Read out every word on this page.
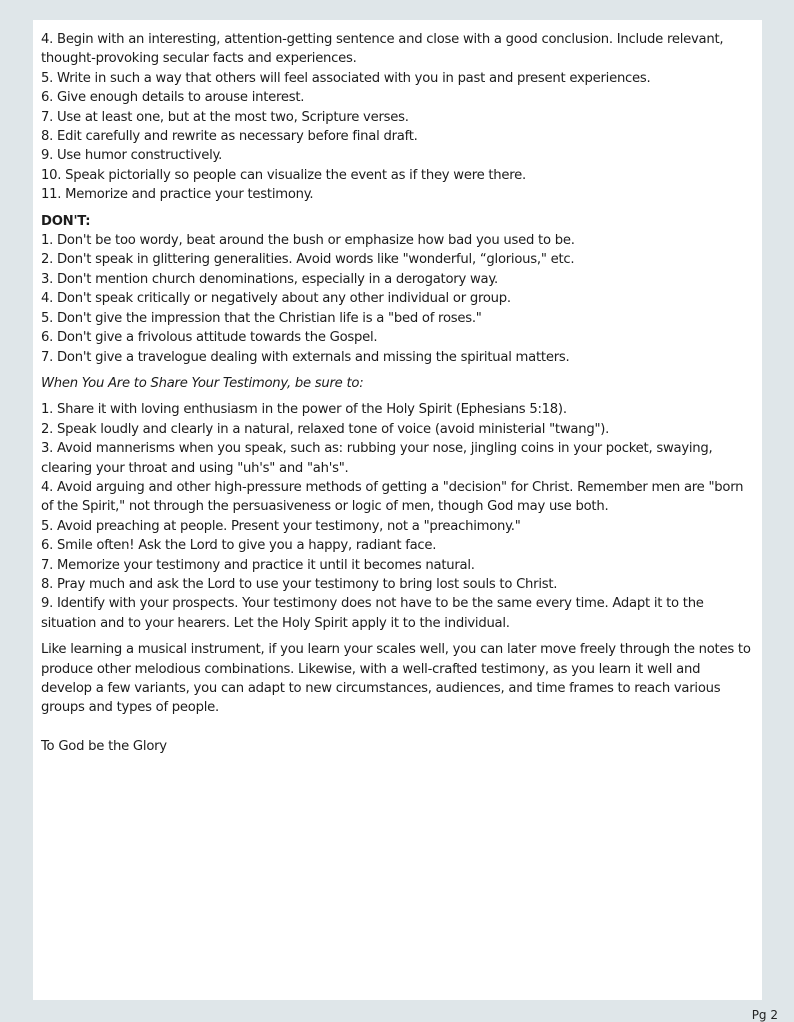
4. Begin with an interesting, attention-getting sentence and close with a good conclusion. Include relevant, thought-provoking secular facts and experiences.

5. Write in such a way that others will feel associated with you in past and present experiences.

6. Give enough details to arouse interest.

7. Use at least one, but at the most two, Scripture verses.

8. Edit carefully and rewrite as necessary before final draft.

9. Use humor constructively.

10. Speak pictorially so people can visualize the event as if they were there.

11. Memorize and practice your testimony.

DON'T:

1. Don't be too wordy, beat around the bush or emphasize how bad you used to be.

2. Don't speak in glittering generalities. Avoid words like "wonderful, “glorious," etc.

3. Don't mention church denominations, especially in a derogatory way.

4. Don't speak critically or negatively about any other individual or group.

5. Don't give the impression that the Christian life is a "bed of roses."

6. Don't give a frivolous attitude towards the Gospel.

7. Don't give a travelogue dealing with externals and missing the spiritual matters.

When You Are to Share Your Testimony, be sure to:

1. Share it with loving enthusiasm in the power of the Holy Spirit (Ephesians 5:18).

2. Speak loudly and clearly in a natural, relaxed tone of voice (avoid ministerial "twang").

3. Avoid mannerisms when you speak, such as: rubbing your nose, jingling coins in your pocket, swaying, clearing your throat and using "uh's" and "ah's".

4. Avoid arguing and other high-pressure methods of getting a "decision" for Christ. Remember men are "born of the Spirit," not through the persuasiveness or logic of men, though God may use both.

5. Avoid preaching at people. Present your testimony, not a "preachimony."

6. Smile often! Ask the Lord to give you a happy, radiant face.

7. Memorize your testimony and practice it until it becomes natural.

8. Pray much and ask the Lord to use your testimony to bring lost souls to Christ.

9. Identify with your prospects. Your testimony does not have to be the same every time. Adapt it to the situation and to your hearers. Let the Holy Spirit apply it to the individual.

Like learning a musical instrument, if you learn your scales well, you can later move freely through the notes to produce other melodious combinations. Likewise, with a well-crafted testimony, as you learn it well and develop a few variants, you can adapt to new circumstances, audiences, and time frames to reach various groups and types of people.

To God be the Glory

Pg 2
